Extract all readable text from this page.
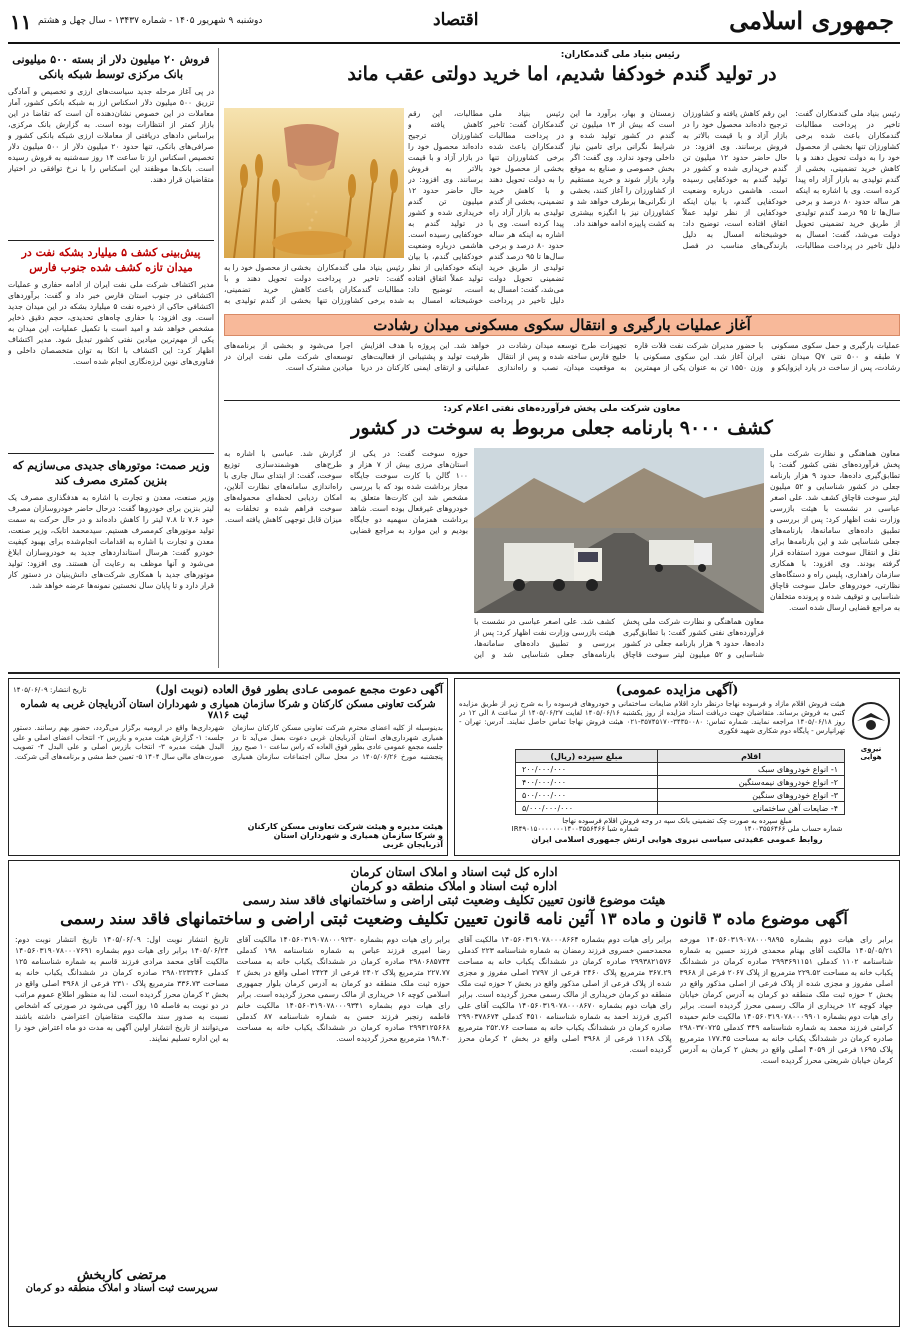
جمهوری اسلامی
اقتصاد
دوشنبه ۹ شهریور ۱۴۰۵ - شماره ۱۳۴۳۷ - سال چهل و هشتم
۱۱
رئیس بنیاد ملی گندمکاران:
در تولید گندم خودکفا شدیم، اما خرید دولتی عقب ماند
رئیس بنیاد ملی گندمکاران گفت: تاخیر در پرداخت مطالبات گندمکاران باعث شده برخی کشاورزان تنها بخشی از محصول خود را به دولت تحویل دهند و با کاهش خرید تضمینی، بخشی از گندم تولیدی به بازار آزاد راه پیدا کرده است. وی با اشاره به اینکه هر ساله حدود ۸۰ درصد و برخی سال‌ها تا ۹۵ درصد گندم تولیدی از طریق خرید تضمینی تحویل دولت می‌شد، گفت: امسال به دلیل تاخیر در پرداخت مطالبات، این رقم کاهش یافته و کشاورزان ترجیح داده‌اند محصول خود را در بازار آزاد و با قیمت بالاتر به فروش برسانند. وی افزود: در حال حاضر حدود ۱۲ میلیون تن گندم خریداری شده و کشور در تولید گندم به خودکفایی رسیده است. هاشمی درباره وضعیت خودکفایی گندم، با بیان اینکه خودکفایی از نظر تولید عملاً اتفاق افتاده است، توضیح داد: خوشبختانه امسال به دلیل بارندگی‌های مناسب در فصل زمستان و بهار، برآورد ما این است که بیش از ۱۳ میلیون تن گندم در کشور تولید شده و شرایط نگرانی برای تامین نیاز داخلی وجود ندارد. وی گفت: اگر بخش خصوصی و صنایع به موقع وارد بازار شوند و خرید مستقیم از کشاورزان را آغاز کنند، بخشی از نگرانی‌ها برطرف خواهد شد و کشاورزان نیز با انگیزه بیشتری به کشت پاییزه ادامه خواهند داد.
رئیس بنیاد ملی گندمکاران گفت: تاخیر در پرداخت مطالبات گندمکاران باعث شده برخی کشاورزان تنها بخشی از محصول خود را به دولت تحویل دهند و با کاهش خرید تضمینی، بخشی از گندم تولیدی به بازار آزاد راه پیدا کرده است. وی با اشاره به اینکه هر ساله حدود ۸۰ درصد و برخی سال‌ها تا ۹۵ درصد گندم تولیدی از طریق خرید تضمینی تحویل دولت می‌شد، گفت: امسال به دلیل تاخیر در پرداخت مطالبات، این رقم کاهش یافته و کشاورزان ترجیح داده‌اند محصول خود را در بازار آزاد و با قیمت بالاتر به فروش برسانند. وی افزود: در حال حاضر حدود ۱۲ میلیون تن گندم خریداری شده و کشور در تولید گندم به خودکفایی رسیده است. هاشمی درباره وضعیت خودکفایی گندم، با بیان اینکه خودکفایی از نظر تولید عملاً اتفاق افتاده است، توضیح داد: خوشبختانه امسال به
رئیس بنیاد ملی گندمکاران گفت: تاخیر در پرداخت مطالبات گندمکاران باعث شده برخی کشاورزان تنها بخشی از محصول خود را به دولت تحویل دهند و با کاهش خرید تضمینی، بخشی از گندم تولیدی به
آغاز عملیات بارگیری و انتقال سکوی مسکونی میدان رشادت
عملیات بارگیری و حمل سکوی مسکونی ۷ طبقه و ۵۰۰ تنی Q۷ میدان نفتی رشادت، پس از ساخت در یارد ایزوایکو و با حضور مدیران شرکت نفت فلات قاره ایران آغاز شد. این سکوی مسکونی با وزن ۱۵۵۰ تن به عنوان یکی از مهمترین تجهیزات طرح توسعه میدان رشادت در خلیج فارس ساخته شده و پس از انتقال به موقعیت میدان، نصب و راه‌اندازی خواهد شد. این پروژه با هدف افزایش ظرفیت تولید و پشتیبانی از فعالیت‌های عملیاتی و ارتقای ایمنی کارکنان در دریا اجرا می‌شود و بخشی از برنامه‌های توسعه‌ای شرکت ملی نفت ایران در میادین مشترک است.
معاون شرکت ملی پخش فرآورده‌های نفتی اعلام کرد:
کشف ۹۰۰۰ بارنامه جعلی مربوط به سوخت در کشور
معاون هماهنگی و نظارت شرکت ملی پخش فرآورده‌های نفتی کشور گفت: با تطابق‌گیری داده‌ها، حدود ۹ هزار بارنامه جعلی در کشور شناسایی و ۵۲ میلیون لیتر سوخت قاچاق کشف شد. علی اصغر عباسی در نشست با هیئت بازرسی وزارت نفت اظهار کرد: پس از بررسی و تطبیق داده‌های سامانه‌ها، بارنامه‌های جعلی شناسایی شد و این بارنامه‌ها برای نقل و انتقال سوخت مورد استفاده قرار گرفته بودند. وی افزود: با همکاری سازمان راهداری، پلیس راه و دستگاه‌های نظارتی، خودروهای حامل سوخت قاچاق شناسایی و توقیف شده و پرونده متخلفان به مراجع قضایی ارسال شده است.
معاون هماهنگی و نظارت شرکت ملی پخش فرآورده‌های نفتی کشور گفت: با تطابق‌گیری داده‌ها، حدود ۹ هزار بارنامه جعلی در کشور شناسایی و ۵۲ میلیون لیتر سوخت قاچاق کشف شد. علی اصغر عباسی در نشست با هیئت بازرسی وزارت نفت اظهار کرد: پس از بررسی و تطبیق داده‌های سامانه‌ها، بارنامه‌های جعلی شناسایی شد و این
حوزه سوخت گفت: در یکی از استان‌های مرزی بیش از ۷ هزار و ۱۰۰ گالن با کارت سوخت جایگاه مجاز برداشت شده بود که با بررسی مشخص شد این کارت‌ها متعلق به خودروهای غیرفعال بوده است. شاهد برداشت همزمان سهمیه دو جایگاه بودیم و این موارد به مراجع قضایی گزارش شد. عباسی با اشاره به طرح‌های هوشمندسازی توزیع سوخت، گفت: از ابتدای سال جاری با راه‌اندازی سامانه‌های نظارت آنلاین، امکان ردیابی لحظه‌ای محموله‌های سوخت فراهم شده و تخلفات به میزان قابل توجهی کاهش یافته است.
فروش ۲۰ میلیون دلار از بسته ۵۰۰ میلیونی بانک مرکزی توسط شبکه بانکی
در پی آغاز مرحله جدید سیاست‌های ارزی و تخصیص و آمادگی تزریق ۵۰۰ میلیون دلار اسکناس ارز به شبکه بانکی کشور، آمار معاملات در این خصوص نشان‌دهنده آن است که تقاضا در این بازار کمتر از انتظارات بوده است. به گزارش بانک مرکزی، براساس دادهای دریافتی از معاملات ارزی شبکه بانکی کشور و صرافی‌های بانکی، تنها حدود ۲۰ میلیون دلار از ۵۰۰ میلیون دلار تخصیص اسکناس ارز تا ساعت ۱۴ روز سه‌شنبه به فروش رسیده است. بانک‌ها موظفند این اسکناس را با نرخ توافقی در اختیار متقاضیان قرار دهند.
پیش‌بینی کشف ۵ میلیارد بشکه نفت در میدان تازه کشف شده جنوب فارس
مدیر اکتشاف شرکت ملی نفت ایران از ادامه حفاری و عملیات اکتشافی در جنوب استان فارس خبر داد و گفت: برآوردهای اکتشافی حاکی از ذخیره نفت ۵ میلیارد بشکه در این میدان جدید است. وی افزود: با حفاری چاه‌های تحدیدی، حجم دقیق ذخایر مشخص خواهد شد و امید است با تکمیل عملیات، این میدان به یکی از مهم‌ترین میادین نفتی کشور تبدیل شود. مدیر اکتشاف اظهار کرد: این اکتشاف با اتکا به توان متخصصان داخلی و فناوری‌های نوین لرزه‌نگاری انجام شده است.
وزیر صمت: موتورهای جدیدی می‌سازیم که بنزین کمتری مصرف کند
وزیر صنعت، معدن و تجارت با اشاره به هدفگذاری مصرف یک لیتر بنزین برای خودروها گفت: درحال حاضر خودروسازان مصرف خود ۷.۶ تا ۷.۸ لیتر را کاهش داده‌اند و در حال حرکت به سمت تولید موتورهای کم‌مصرف هستیم. سیدمحمد اتابک، وزیر صنعت، معدن و تجارت با اشاره به اقدامات انجام‌شده برای بهبود کیفیت خودرو گفت: هرسال استانداردهای جدید به خودروسازان ابلاغ می‌شود و آنها موظف به رعایت آن هستند. وی افزود: تولید موتورهای جدید با همکاری شرکت‌های دانش‌بنیان در دستور کار قرار دارد و تا پایان سال نخستین نمونه‌ها عرضه خواهد شد.
(آگهی مزایده عمومی)
نیروی هوایی
هیئت فروش اقلام مازاد و فرسوده نهاجا درنظر دارد اقلام ضایعات ساختمانی و خودروهای فرسوده را به شرح زیر از طریق مزایده کتبی به فروش برساند. متقاضیان جهت دریافت اسناد مزایده از روز یکشنبه ۱۴۰۵/۰۶/۱۶ لغایت ۱۴۰۵/۰۶/۲۷ از ساعت ۸ الی ۱۲ در روز ۱۴۰۵/۰۶/۱۸ مراجعه نمایند. شماره تماس: ۳۴۳۵۰۰۸۰-۳۵۷۴۵۱۷۰-۰۲۱ هیئت فروش نهاجا تماس حاصل نمایند. آدرس: تهران - تهرانپارس - پایگاه دوم شکاری شهید فکوری
اقلام	مبلغ سپرده (ریال)
۱- انواع خودروهای سبک	۲۰۰/۰۰۰/۰۰۰
۲- انواع خودروهای نیمه‌سنگین	۴۰۰/۰۰۰/۰۰۰
۳- انواع خودروهای سنگین	۵۰۰/۰۰۰/۰۰۰
۴- ضایعات آهن ساختمانی	۵/۰۰۰/۰۰۰/۰۰۰
مبلغ سپرده به صورت چک تضمینی بانک سپه در وجه فروش اقلام فرسوده نهاجا
شماره حساب ملی ۱۴۰۰۳۵۵۶۴۶۶
شماره شبا IR۴۹۰۱۵۰۰۰۰۰۰۰۱۴۰۰۳۵۵۶۴۶۶
روابط عمومی عقیدتی سیاسی نیروی هوایی ارتش جمهوری اسلامی ایران
آگهی دعوت مجمع عمومی عـادی بطور فوق العاده (نوبت اول)
تاریخ انتشار: ۱۴۰۵/۰۶/۰۹
شرکت تعاونی مسکن کارکنان و شرکا سازمان همیاری و شهرداران استان آذربایجان غربی به شماره ثبت ۷۸۱۶
بدینوسیله از کلیه اعضای محترم شرکت تعاونی مسکن کارکنان سازمان همیاری شهرداری‌های استان آذربایجان غربی دعوت بعمل می‌آید تا در جلسه مجمع عمومی عادی بطور فوق العاده که راس ساعت ۱۰ صبح روز پنجشنبه مورخ ۱۴۰۵/۰۶/۲۶ در محل سالن اجتماعات سازمان همیاری شهرداری‌ها واقع در ارومیه برگزار می‌گردد، حضور بهم رسانند. دستور جلسه: ۱- گزارش هیئت مدیره و بازرس ۲- انتخاب اعضای اصلی و علی البدل هیئت مدیره ۳- انتخاب بازرس اصلی و علی البدل ۴- تصویب صورت‌های مالی سال ۱۴۰۴ ۵- تعیین خط مشی و برنامه‌های آتی شرکت.
هیئت مدیره و هیئت شرکت تعاونی مسکن کارکنان و شرکا سازمان همیاری و شهرداران استان آذربایجان غربی
اداره کل ثبت اسناد و املاک استان کرمان
اداره ثبت اسناد و املاک منطقه دو کرمان
هیئت موضوع قانون تعیین تکلیف وضعیت ثبتی اراضی و ساختمانهای فاقد سند رسمی
آگهی موضوع ماده ۳ قانون و ماده ۱۳ آئین نامه قانون تعیین تکلیف وضعیت ثبتی اراضی و ساختمانهای فاقد سند رسمی
برابر رای هیات دوم بشماره ۱۴۰۵۶۰۳۱۹۰۷۸۰۰۰۹۸۹۵ مورخه ۱۴۰۵/۰۵/۲۱ مالکیت آقای بهنام محمدی فرزند حسین به شماره شناسنامه ۱۱۰۲ کدملی ۲۹۹۳۶۹۱۱۵۱ صادره کرمان در ششدانگ یکباب خانه به مساحت ۲۲۹.۵۲ مترمربع از پلاک ۲۰۶۷ فرعی از ۳۹۶۸ اصلی مفروز و مجزی شده از پلاک فرعی از اصلی مذکور واقع در بخش ۲ حوزه ثبت ملک منطقه دو کرمان به آدرس کرمان خیابان جهاد کوچه ۱۲ خریداری از مالک رسمی محرز گردیده است. برابر رای هیات دوم بشماره ۱۴۰۵۶۰۳۱۹۰۷۸۰۰۰۹۹۰۱ مالکیت خانم حمیده کرامتی فرزند محمد به شماره شناسنامه ۳۴۹ کدملی ۲۹۸۰۳۷۰۷۲۵ صادره کرمان در ششدانگ یکباب خانه به مساحت ۱۷۷.۳۵ مترمربع پلاک ۱۶۹۵ فرعی از ۴۰۵۹ اصلی واقع در بخش ۲ کرمان به آدرس کرمان خیابان شریعتی محرز گردیده است.
برابر رای هیات دوم بشماره ۱۴۰۵۶۰۳۱۹۰۷۸۰۰۰۸۶۶۴ مالکیت آقای محمدحسن خسروی فرزند رمضان به شماره شناسنامه ۲۲۳ کدملی ۲۹۹۳۸۲۱۵۷۶ صادره کرمان در ششدانگ یکباب خانه به مساحت ۳۶۷.۲۹ مترمربع پلاک ۲۴۶۰ فرعی از ۲۷۹۷ اصلی مفروز و مجزی شده از پلاک فرعی از اصلی مذکور واقع در بخش ۲ حوزه ثبت ملک منطقه دو کرمان خریداری از مالک رسمی محرز گردیده است. برابر رای هیات دوم بشماره ۱۴۰۵۶۰۳۱۹۰۷۸۰۰۰۸۶۷۰ مالکیت آقای علی اکبری فرزند احمد به شماره شناسنامه ۴۵۱۰ کدملی ۲۹۹۰۳۷۸۶۷۴ صادره کرمان در ششدانگ یکباب خانه به مساحت ۲۵۲.۷۶ مترمربع پلاک ۱۱۶۸ فرعی از ۳۹۶۸ اصلی واقع در بخش ۲ کرمان محرز گردیده است.
برابر رای هیات دوم بشماره ۱۴۰۵۶۰۳۱۹۰۷۸۰۰۰۹۲۳۰ مالکیت آقای رضا امیری فرزند عباس به شماره شناسنامه ۱۹۸ کدملی ۲۹۸۰۶۸۵۷۴۴ صادره کرمان در ششدانگ یکباب خانه به مساحت ۲۲۷.۷۷ مترمربع پلاک ۲۴۰۲ فرعی از ۲۴۲۴ اصلی واقع در بخش ۲ حوزه ثبت ملک منطقه دو کرمان به آدرس کرمان بلوار جمهوری اسلامی کوچه ۱۶ خریداری از مالک رسمی محرز گردیده است. برابر رای هیات دوم بشماره ۱۴۰۵۶۰۳۱۹۰۷۸۰۰۰۹۳۴۱ مالکیت خانم فاطمه رنجبر فرزند حسن به شماره شناسنامه ۸۷ کدملی ۲۹۹۳۱۲۵۶۶۸ صادره کرمان در ششدانگ یکباب خانه به مساحت ۱۹۸.۴۰ مترمربع محرز گردیده است.
تاریخ انتشار نوبت اول: ۱۴۰۵/۰۶/۰۹ تاریخ انتشار نوبت دوم: ۱۴۰۵/۰۶/۲۴ برابر رای هیات دوم بشماره ۱۴۰۵۶۰۳۱۹۰۷۸۰۰۰۷۶۹۱ مالکیت آقای محمد مرادی فرزند قاسم به شماره شناسنامه ۱۲۵ کدملی ۲۹۸۰۲۲۳۲۴۶ صادره کرمان در ششدانگ یکباب خانه به مساحت ۳۳۶.۷۳ مترمربع پلاک ۲۳۱۰ فرعی از ۳۹۶۸ اصلی واقع در بخش ۲ کرمان محرز گردیده است. لذا به منظور اطلاع عموم مراتب در دو نوبت به فاصله ۱۵ روز آگهی می‌شود در صورتی که اشخاص نسبت به صدور سند مالکیت متقاضیان اعتراضی داشته باشند می‌توانند از تاریخ انتشار اولین آگهی به مدت دو ماه اعتراض خود را به این اداره تسلیم نمایند.
مرتضی کاربخش
سرپرست ثبت اسناد و املاک منطقه دو کرمان
